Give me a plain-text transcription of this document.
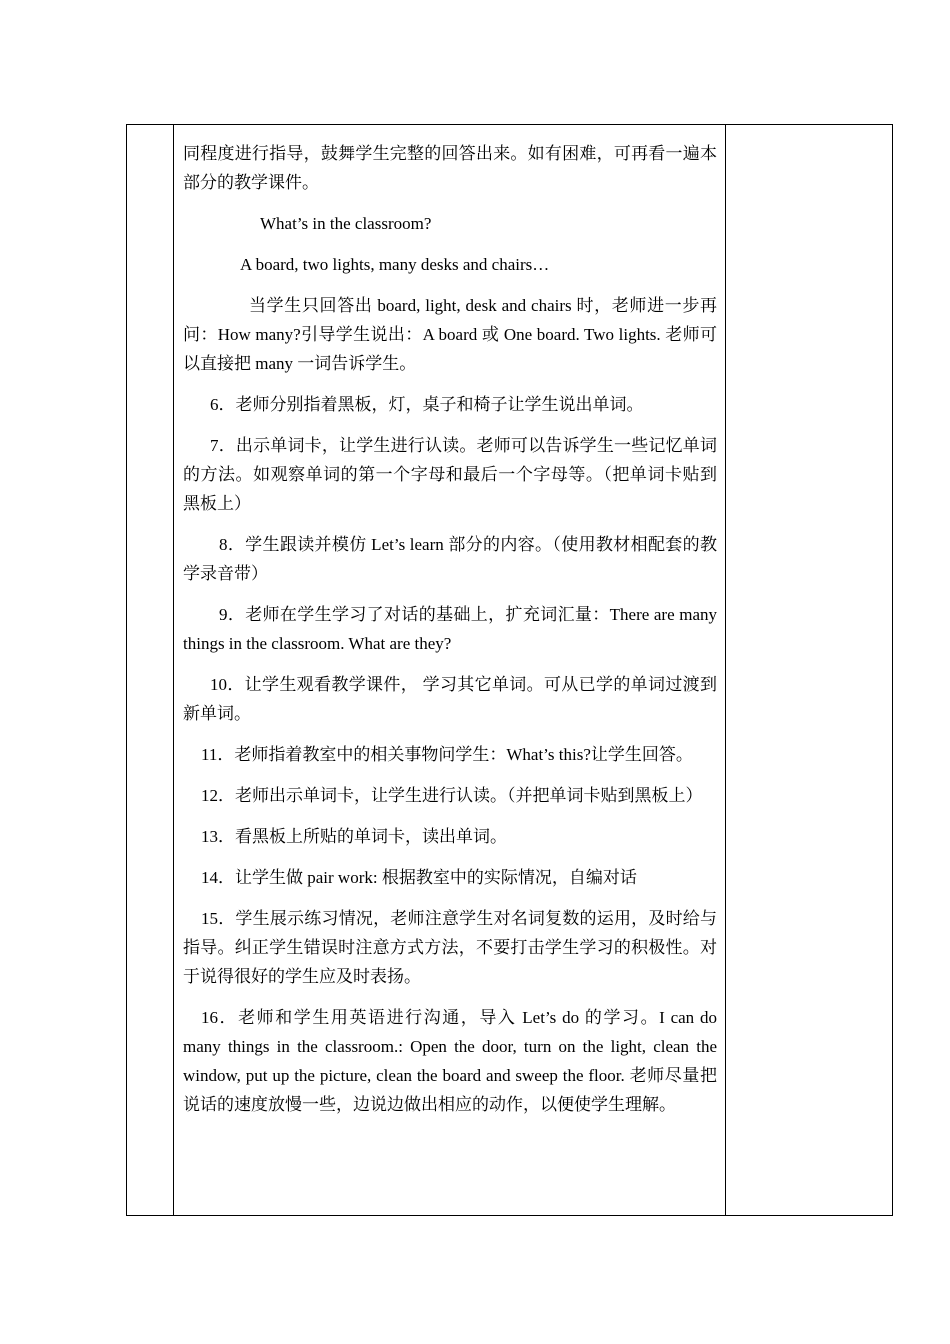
同程度进行指导，鼓舞学生完整的回答出来。如有困难，可再看一遍本部分的教学课件。

What’s in the classroom?

A board, two lights, many desks and chairs…

当学生只回答出 board, light, desk and chairs 时，老师进一步再问：How many?引导学生说出：A board 或 One board. Two lights. 老师可以直接把 many 一词告诉学生。

6．老师分别指着黑板，灯，桌子和椅子让学生说出单词。

7．出示单词卡，让学生进行认读。老师可以告诉学生一些记忆单词的方法。如观察单词的第一个字母和最后一个字母等。（把单词卡贴到黑板上）

8．学生跟读并模仿 Let’s learn 部分的内容。（使用教材相配套的教学录音带）

9．老师在学生学习了对话的基础上，扩充词汇量：There are many things in the classroom. What are they?

10．让学生观看教学课件， 学习其它单词。可从已学的单词过渡到新单词。

11．老师指着教室中的相关事物问学生：What’s this?让学生回答。

12．老师出示单词卡，让学生进行认读。（并把单词卡贴到黑板上）

13．看黑板上所贴的单词卡，读出单词。

14．让学生做 pair work: 根据教室中的实际情况，自编对话

15．学生展示练习情况，老师注意学生对名词复数的运用，及时给与指导。纠正学生错误时注意方式方法，不要打击学生学习的积极性。对于说得很好的学生应及时表扬。

16．老师和学生用英语进行沟通，导入 Let’s do 的学习。I can do many things in the classroom.: Open the door, turn on the light, clean the window, put up the picture, clean the board and sweep the floor. 老师尽量把说话的速度放慢一些，边说边做出相应的动作，以便使学生理解。
